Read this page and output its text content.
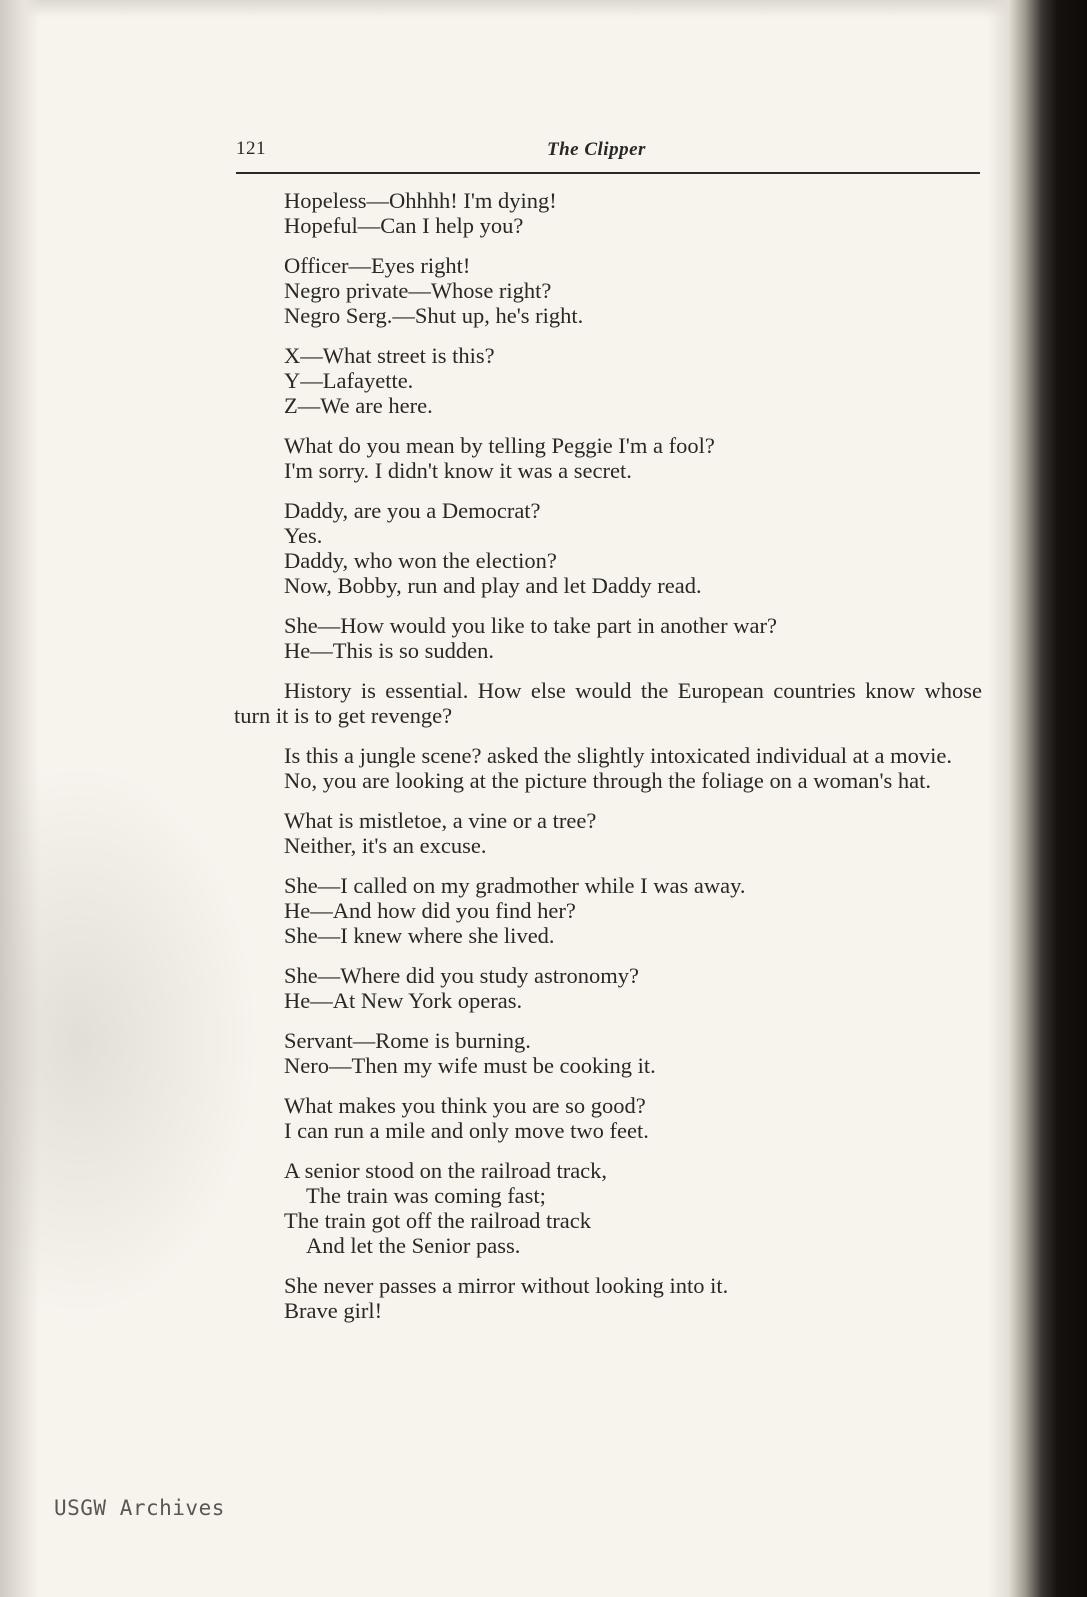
121	The Clipper
Hopeless—Ohhhh! I'm dying!
Hopeful—Can I help you?
Officer—Eyes right!
Negro private—Whose right?
Negro Serg.—Shut up, he's right.
X—What street is this?
Y—Lafayette.
Z—We are here.
What do you mean by telling Peggie I'm a fool?
I'm sorry. I didn't know it was a secret.
Daddy, are you a Democrat?
Yes.
Daddy, who won the election?
Now, Bobby, run and play and let Daddy read.
She—How would you like to take part in another war?
He—This is so sudden.
History is essential. How else would the European countries know whose turn it is to get revenge?
Is this a jungle scene? asked the slightly intoxicated individual at a movie.
No, you are looking at the picture through the foliage on a woman's hat.
What is mistletoe, a vine or a tree?
Neither, it's an excuse.
She—I called on my gradmother while I was away.
He—And how did you find her?
She—I knew where she lived.
She—Where did you study astronomy?
He—At New York operas.
Servant—Rome is burning.
Nero—Then my wife must be cooking it.
What makes you think you are so good?
I can run a mile and only move two feet.
A senior stood on the railroad track,
The train was coming fast;
The train got off the railroad track
And let the Senior pass.
She never passes a mirror without looking into it.
Brave girl!
USGW Archives
